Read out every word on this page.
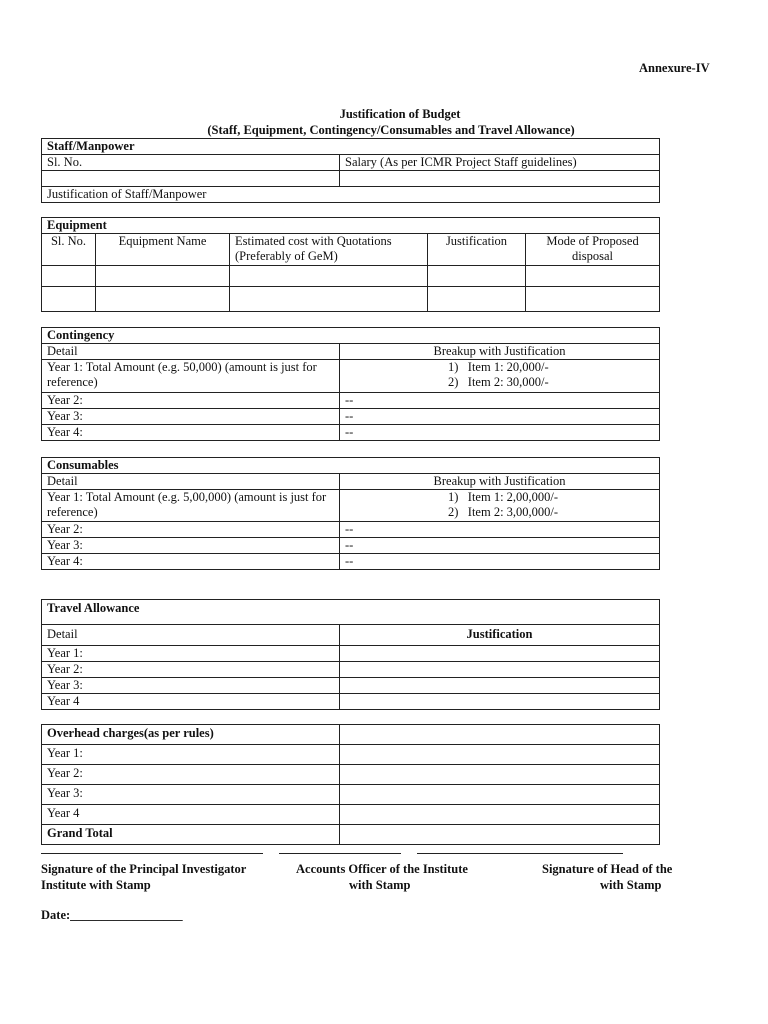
Annexure-IV
Justification of Budget
(Staff, Equipment, Contingency/Consumables and Travel Allowance)
Staff/Manpower	
Sl. No.	Salary (As per ICMR Project Staff guidelines)

Justification of Staff/Manpower	
Equipment				
Sl. No.	Equipment Name	Estimated cost with Quotations (Preferably of GeM)	Justification	Mode of Proposed disposal

Contingency	
Detail	Breakup with Justification
Year 1: Total Amount (e.g. 50,000) (amount is just for reference)	1)   Item 1: 20,000/-
2)   Item 2: 30,000/-

Year 2:	--
Year 3:	--
Year 4:	--
Consumables	
Detail	Breakup with Justification
Year 1: Total Amount (e.g. 5,00,000) (amount is just for reference)	1)   Item 1: 2,00,000/-
2)   Item 2: 3,00,000/-

Year 2:	--
Year 3:	--
Year 4:	--
Travel Allowance	
Detail	Justification
Year 1:	
Year 2:	
Year 3:	
Year 4	
Overhead charges(as per rules)	
Year 1:	
Year 2:	
Year 3:	
Year 4	
Grand Total	
Signature of the Principal Investigator
Institute with Stamp
Accounts Officer of the Institute
with Stamp
Signature of Head of the
with Stamp
Date:__________________
